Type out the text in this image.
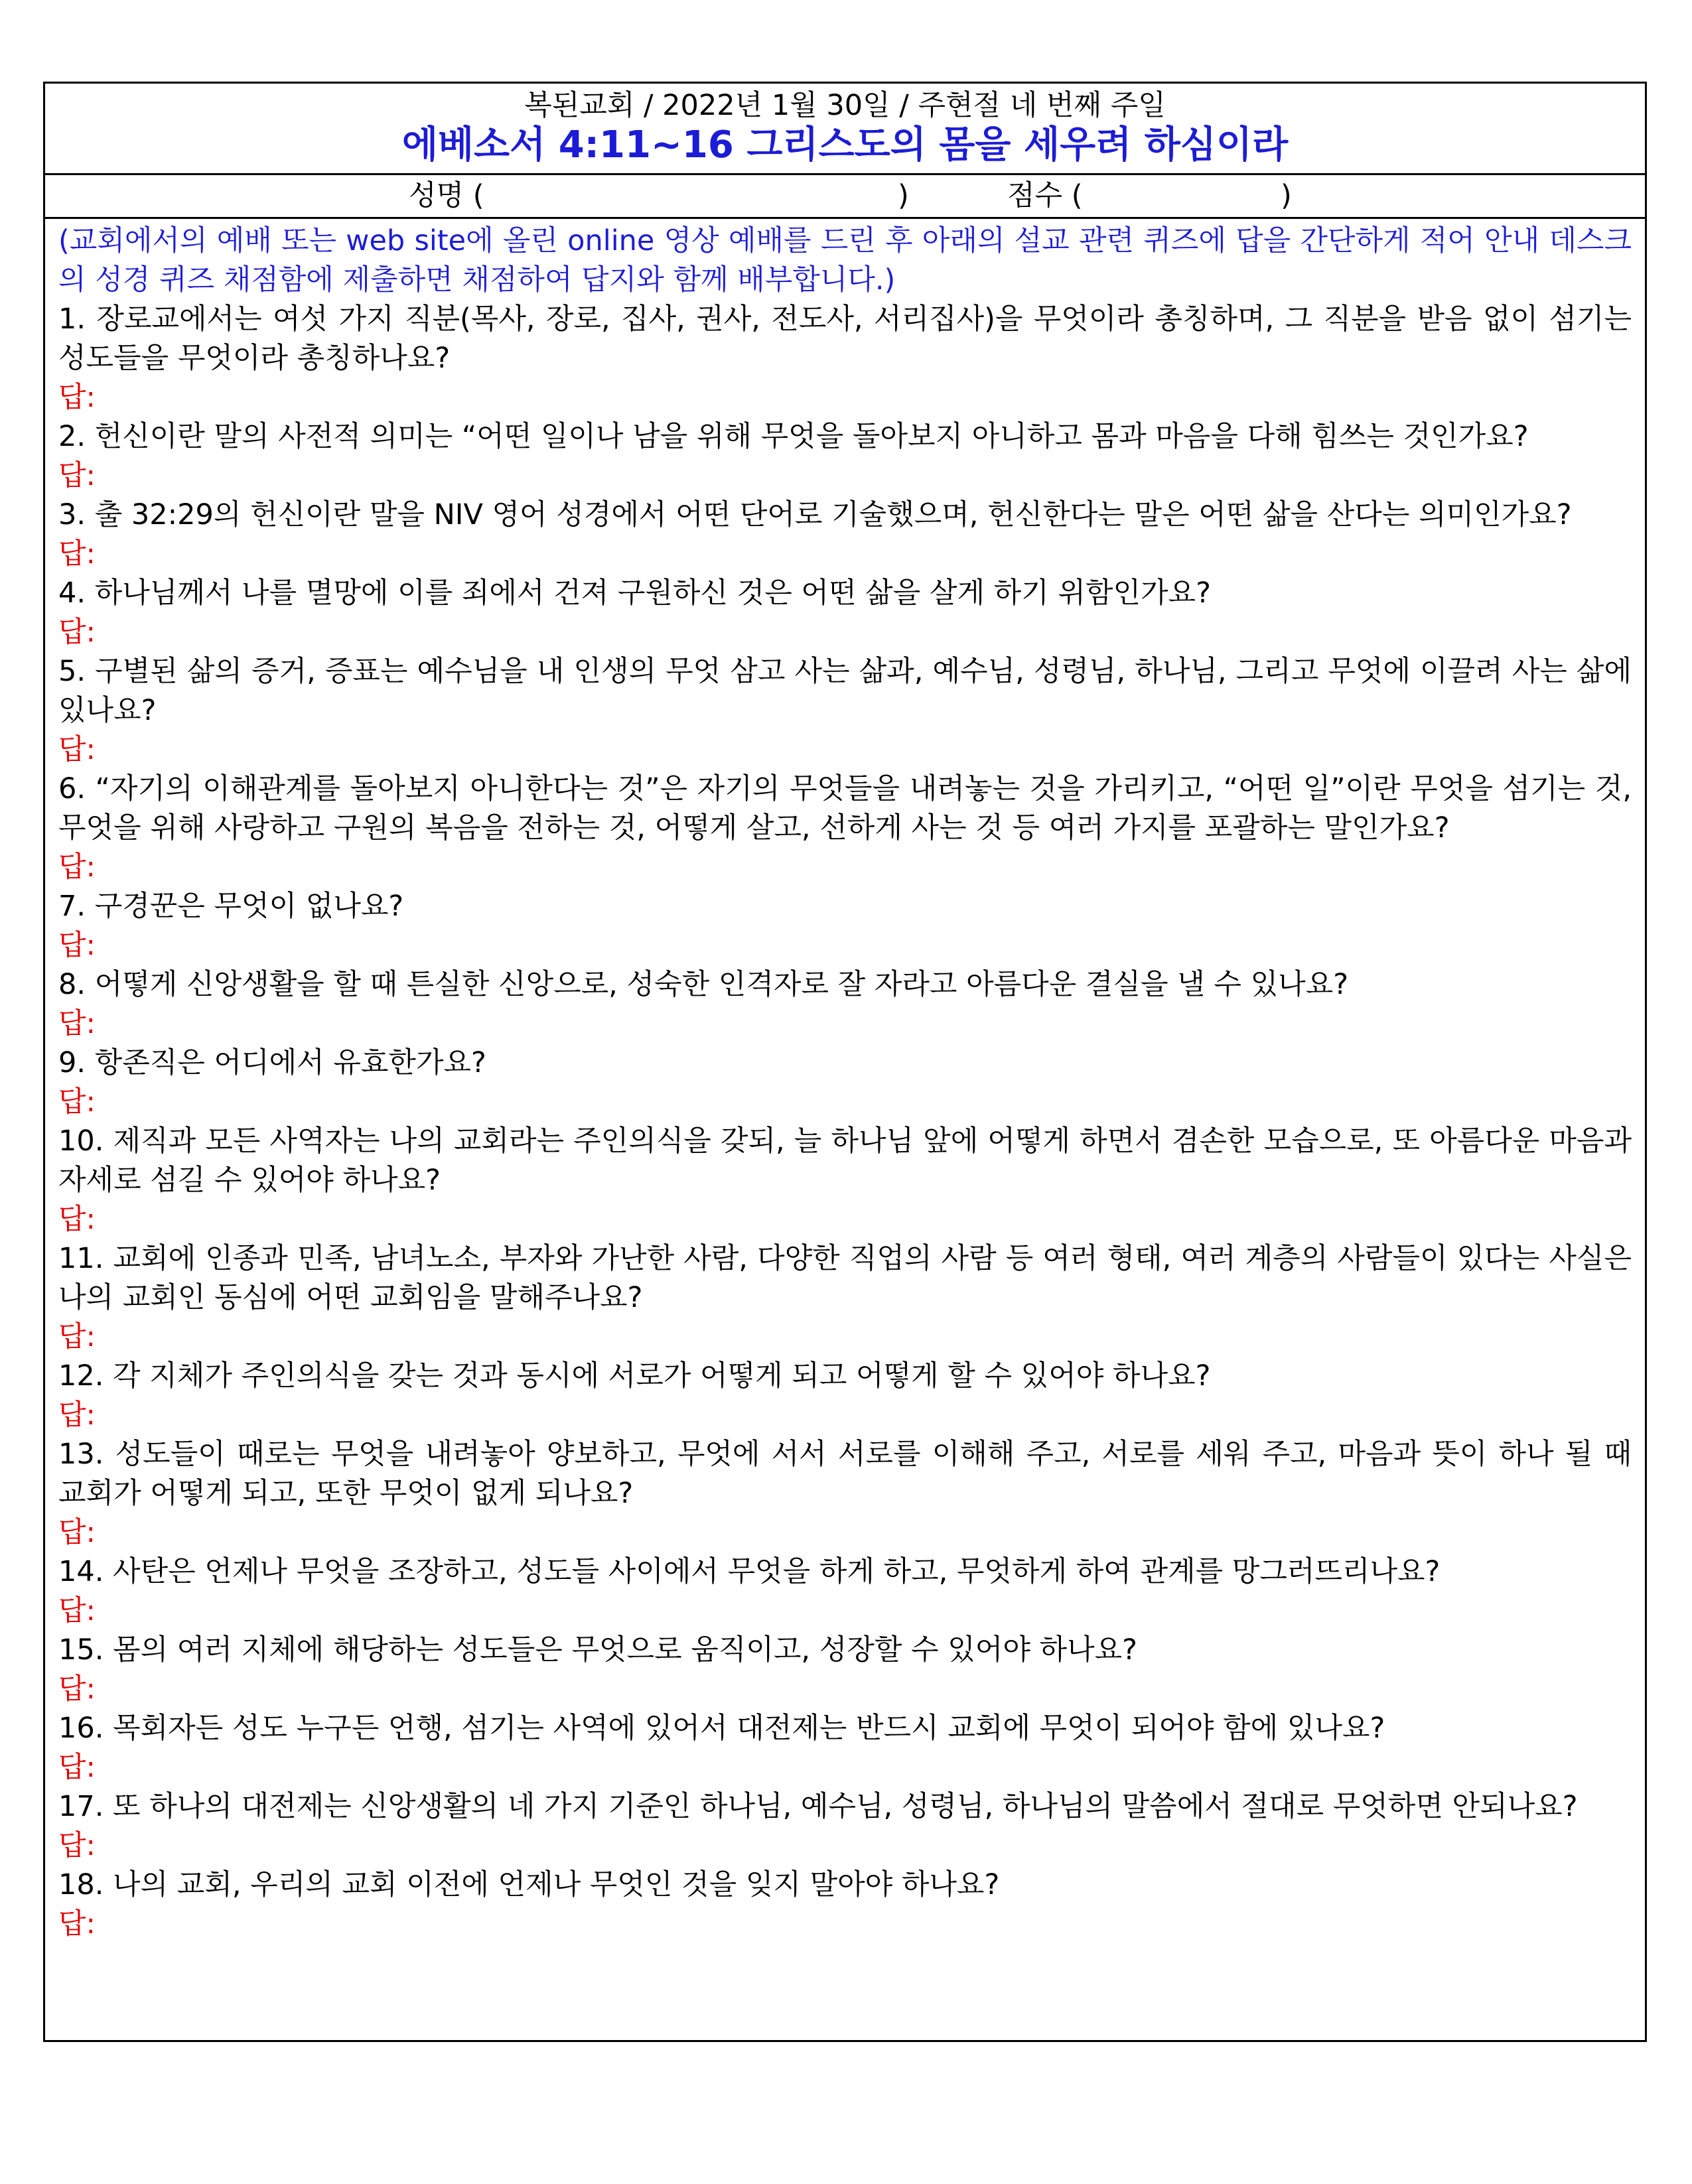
복된교회 / 2022년 1월 30일 / 주현절 네 번째 주일
에베소서 4:11~16 그리스도의 몸을 세우려 하심이라

성명 (

	)

	점수 (

	)

(교회에서의 예배 또는 web site에 올린 online 영상 예배를 드린 후 아래의 설교 관련 퀴즈에 답을 간단하게 적어 안내 데스크의 성경 퀴즈 채점함에 제출하면 채점하여 답지와 함께 배부합니다.)
1. 장로교에서는 여섯 가지 직분(목사, 장로, 집사, 권사, 전도사, 서리집사)을 무엇이라 총칭하며, 그 직분을 받음 없이 섬기는 성도들을 무엇이라 총칭하나요?
답:
2. 헌신이란 말의 사전적 의미는 “어떤 일이나 남을 위해 무엇을 돌아보지 아니하고 몸과 마음을 다해 힘쓰는 것인가요?
답:
3. 출 32:29의 헌신이란 말을 NIV 영어 성경에서 어떤 단어로 기술했으며, 헌신한다는 말은 어떤 삶을 산다는 의미인가요?
답:
4. 하나님께서 나를 멸망에 이를 죄에서 건져 구원하신 것은 어떤 삶을 살게 하기 위함인가요?
답:
5. 구별된 삶의 증거, 증표는 예수님을 내 인생의 무엇 삼고 사는 삶과, 예수님, 성령님, 하나님, 그리고 무엇에 이끌려 사는 삶에 있나요?
답:
6. “자기의 이해관계를 돌아보지 아니한다는 것”은 자기의 무엇들을 내려놓는 것을 가리키고, “어떤 일”이란 무엇을 섬기는 것, 무엇을 위해 사랑하고 구원의 복음을 전하는 것, 어떻게 살고, 선하게 사는 것 등 여러 가지를 포괄하는 말인가요?
답:
7. 구경꾼은 무엇이 없나요?
답:
8. 어떻게 신앙생활을 할 때 튼실한 신앙으로, 성숙한 인격자로 잘 자라고 아름다운 결실을 낼 수 있나요?
답:
9. 항존직은 어디에서 유효한가요?
답:
10. 제직과 모든 사역자는 나의 교회라는 주인의식을 갖되, 늘 하나님 앞에 어떻게 하면서 겸손한 모습으로, 또 아름다운 마음과 자세로 섬길 수 있어야 하나요?
답:
11. 교회에 인종과 민족, 남녀노소, 부자와 가난한 사람, 다양한 직업의 사람 등 여러 형태, 여러 계층의 사람들이 있다는 사실은 나의 교회인 동심에 어떤 교회임을 말해주나요?
답:
12. 각 지체가 주인의식을 갖는 것과 동시에 서로가 어떻게 되고 어떻게 할 수 있어야 하나요?
답:
13. 성도들이 때로는 무엇을 내려놓아 양보하고, 무엇에 서서 서로를 이해해 주고, 서로를 세워 주고, 마음과 뜻이 하나 될 때 교회가 어떻게 되고, 또한 무엇이 없게 되나요?
답:
14. 사탄은 언제나 무엇을 조장하고, 성도들 사이에서 무엇을 하게 하고, 무엇하게 하여 관계를 망그러뜨리나요?
답:
15. 몸의 여러 지체에 해당하는 성도들은 무엇으로 움직이고, 성장할 수 있어야 하나요?
답:
16. 목회자든 성도 누구든 언행, 섬기는 사역에 있어서 대전제는 반드시 교회에 무엇이 되어야 함에 있나요?
답:
17. 또 하나의 대전제는 신앙생활의 네 가지 기준인 하나님, 예수님, 성령님, 하나님의 말씀에서 절대로 무엇하면 안되나요?
답:
18. 나의 교회, 우리의 교회 이전에 언제나 무엇인 것을 잊지 말아야 하나요?
답:
